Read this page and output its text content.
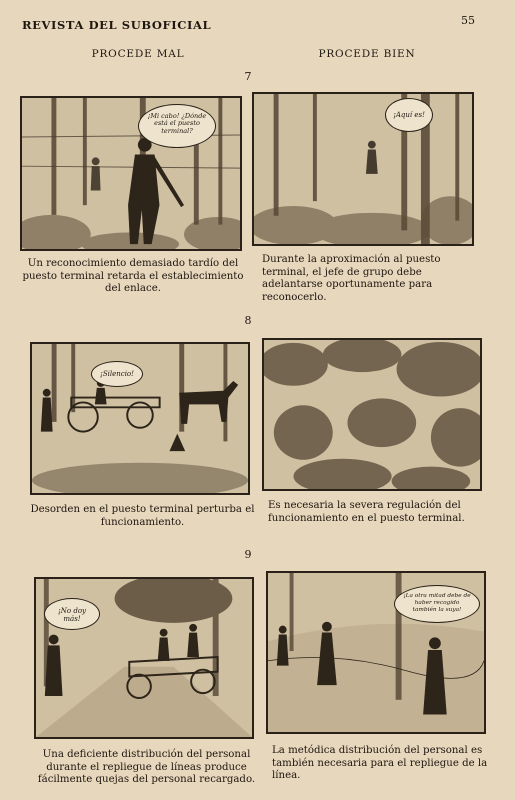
REVISTA DEL SUBOFICIAL	55
PROCEDE MAL	PROCEDE BIEN
7
¡Mi cabo! ¿Dónde está el puesto terminal?
¡Aquí es!
Un reconocimiento demasiado tardío del puesto terminal retarda el establecimiento del enlace.
Durante la aproximación al puesto terminal, el jefe de grupo debe adelantarse oportunamente para reconocerlo.
8
¡Silencio!
Desorden en el puesto terminal perturba el funcionamiento.
Es necesaria la severa regulación del funcionamiento en el puesto terminal.
9
¡No doy más!
¡La otra mitad debe de haber recogido también la suya!
Una deficiente distribución del personal durante el repliegue de líneas produce fácilmente quejas del personal recargado.
La metódica distribución del personal es también necesaria para el repliegue de la línea.
